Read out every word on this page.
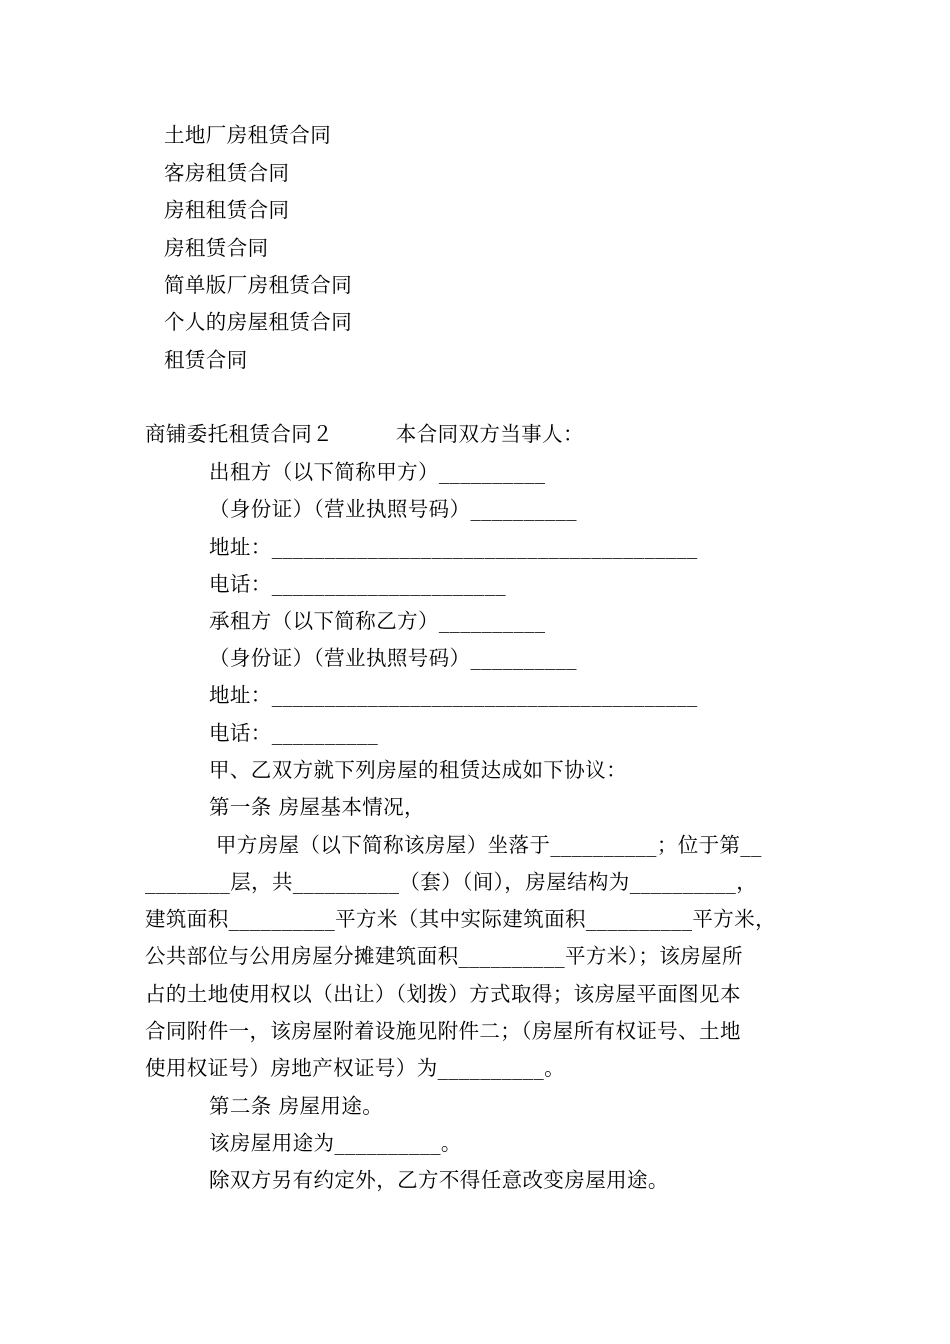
土地厂房租赁合同
客房租赁合同
房租租赁合同
房租赁合同
简单版厂房租赁合同
个人的房屋租赁合同
租赁合同
商铺委托租赁合同２　　　本合同双方当事人：
出租方（以下简称甲方）__________
（身份证）（营业执照号码）__________
地址：________________________________________
电话：______________________
承租方（以下简称乙方）__________
（身份证）（营业执照号码）__________
地址：________________________________________
电话：__________
甲、乙双方就下列房屋的租赁达成如下协议：
第一条 房屋基本情况，
甲方房屋（以下简称该房屋）坐落于__________；位于第__
________层，共__________（套）（间），房屋结构为__________，
建筑面积__________平方米（其中实际建筑面积__________平方米，
公共部位与公用房屋分摊建筑面积__________平方米）；该房屋所
占的土地使用权以（出让）（划拨）方式取得；该房屋平面图见本
合同附件一，该房屋附着设施见附件二；（房屋所有权证号、土地
使用权证号）房地产权证号）为__________。
第二条 房屋用途。
该房屋用途为__________。
除双方另有约定外，乙方不得任意改变房屋用途。
